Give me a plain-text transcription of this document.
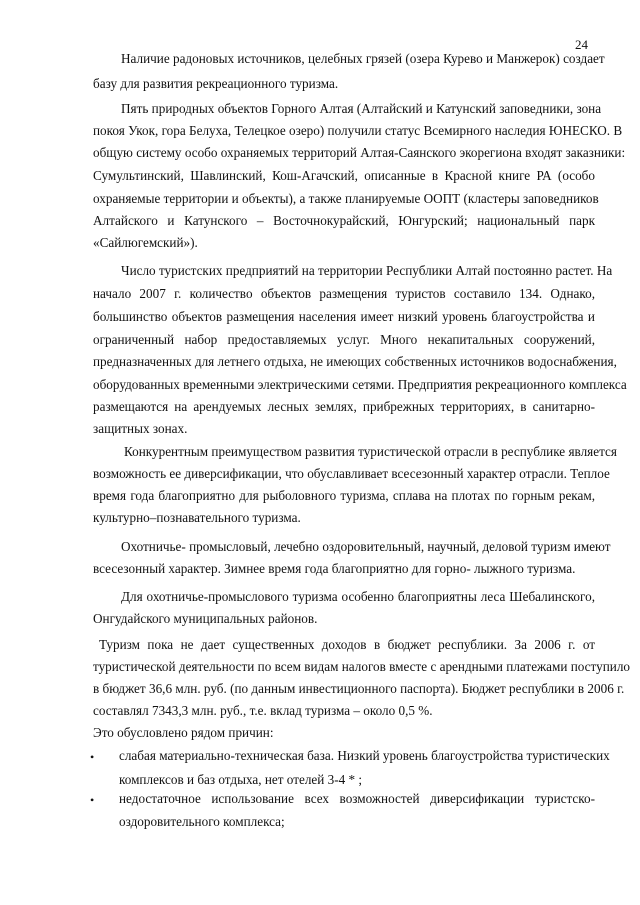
24
Наличие радоновых источников, целебных грязей (озера Курево и Манжерок) создает
базу для развития рекреационного туризма.
Пять природных объектов Горного Алтая (Алтайский и Катунский заповедники, зона
покоя Укок, гора Белуха, Телецкое озеро) получили статус Всемирного наследия ЮНЕСКО. В
общую систему особо охраняемых территорий Алтая-Саянского экорегиона входят заказники:
Сумультинский, Шавлинский, Кош-Агачский, описанные в Красной книге РА (особо
охраняемые территории и объекты), а также планируемые ООПТ (кластеры заповедников
Алтайского и Катунского – Восточнокурайский, Юнгурский; национальный парк
«Сайлюгемский»).
Число туристских предприятий на территории Республики Алтай постоянно растет. На
начало 2007 г. количество объектов размещения туристов составило 134. Однако,
большинство объектов размещения населения имеет низкий уровень благоустройства и
ограниченный набор предоставляемых услуг. Много некапитальных сооружений,
предназначенных для летнего отдыха, не имеющих собственных источников водоснабжения,
оборудованных временными электрическими сетями. Предприятия рекреационного комплекса
размещаются на арендуемых лесных землях, прибрежных территориях, в санитарно-
защитных зонах.
Конкурентным преимуществом развития туристической отрасли в республике является
возможность ее диверсификации, что обуславливает всесезонный характер отрасли. Теплое
время года благоприятно для рыболовного туризма, сплава на плотах по горным рекам,
культурно–познавательного туризма.
Охотничье- промысловый, лечебно оздоровительный, научный, деловой туризм имеют
всесезонный характер. Зимнее время года благоприятно для горно- лыжного туризма.
Для охотничье-промыслового туризма особенно благоприятны леса Шебалинского,
Онгудайского муниципальных районов.
Туризм пока не дает существенных доходов в бюджет республики. За 2006 г. от
туристической деятельности по всем видам налогов вместе с арендными платежами поступило
в бюджет 36,6 млн. руб. (по данным инвестиционного паспорта). Бюджет республики в 2006 г.
составлял 7343,3 млн. руб., т.е. вклад туризма – около 0,5 %.
Это обусловлено рядом причин:
• слабая материально-техническая база. Низкий уровень благоустройства туристических
комплексов и баз отдыха, нет отелей 3-4 * ;
• недостаточное использование всех возможностей диверсификации туристско-
оздоровительного комплекса;
